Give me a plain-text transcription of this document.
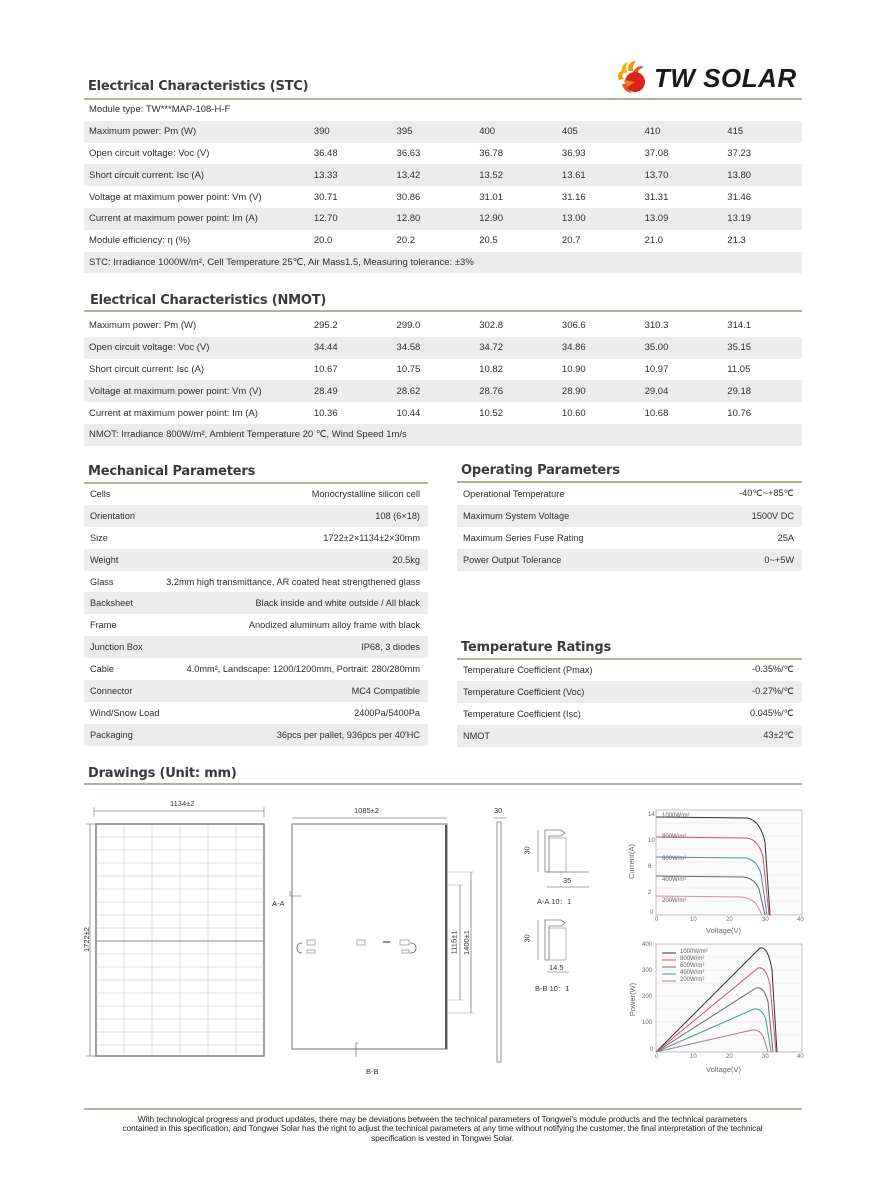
TW SOLAR
Electrical Characteristics (STC)
Module type: TW***MAP-108-H-F						
Maximum power: Pm (W)	390	395	400	405	410	415
Open circuit voltage: Voc (V)	36.48	36.63	36.78	36.93	37.08	37.23
Short circuit current: Isc (A)	13.33	13.42	13.52	13.61	13.70	13.80
Voltage at maximum power point: Vm (V)	30.71	30.86	31.01	31.16	31.31	31.46
Current at maximum power point: Im (A)	12.70	12.80	12.90	13.00	13.09	13.19
Module efficiency: η (%)	20.0	20.2	20.5	20.7	21.0	21.3
STC: Irradiance 1000W/m², Cell Temperature 25℃, Air Mass1.5, Measuring tolerance: ±3%						
Electrical Characteristics (NMOT)
Maximum power: Pm (W)	295.2	299.0	302.8	306.6	310.3	314.1
Open circuit voltage: Voc (V)	34.44	34.58	34.72	34.86	35.00	35.15
Short circuit current: Isc (A)	10.67	10.75	10.82	10.90	10.97	11.05
Voltage at maximum power point: Vm (V)	28.49	28.62	28.76	28.90	29.04	29.18
Current at maximum power point: Im (A)	10.36	10.44	10.52	10.60	10.68	10.76
NMOT: Irradiance 800W/m², Ambient Temperature 20 ℃, Wind Speed 1m/s						
Mechanical Parameters
Cells	Monocrystalline silicon cell
Orientation	108 (6×18)
Size	1722±2×1134±2×30mm
Weight	20.5kg
Glass	3.2mm high transmittance, AR coated heat strengthened glass
Backsheet	Black inside and white outside / All black
Frame	Anodized aluminum alloy frame with black
Junction Box	IP68, 3 diodes
Cable	4.0mm², Landscape: 1200/1200mm, Portrait: 280/280mm
Connector	MC4 Compatible
Wind/Snow Load	2400Pa/5400Pa
Packaging	36pcs per pallet, 936pcs per 40'HC
Operating Parameters
Operational Temperature	-40℃~+85℃
Maximum System Voltage	1500V DC
Maximum Series Fuse Rating	25A
Power Output Tolerance	0~+5W
Temperature Ratings
Temperature Coefficient (Pmax)	-0.35%/℃
Temperature Coefficient (Voc)	-0.27%/℃
Temperature Coefficient (Isc)	0.045%/℃
NMOT	43±2℃
Drawings (Unit: mm)
1134±2
1722±2
1085±2
A-A
B-B
1115±1 1400±1
30
30
35
A-A 10：1
30
14.5
B-B 10：1
1000W/m²
800W/m²
600W/m²
400W/m²
200W/m²
14
10
6
2
0
0	10	20	30	40
Voltage(V)
Current(A)
1000W/m²
800W/m²
600W/m²
400W/m²
200W/m²
400
300
200
100
0
0	10	20	30	40
Voltage(V)
Power(W)
With technological progress and product updates, there may be deviations between the technical parameters of Tongwei's module products and the technical parameters contained in this specification, and Tongwei Solar has the right to adjust the technical parameters at any time without notifying the customer, the final interpretation of the technical specification is vested in Tongwei Solar.
